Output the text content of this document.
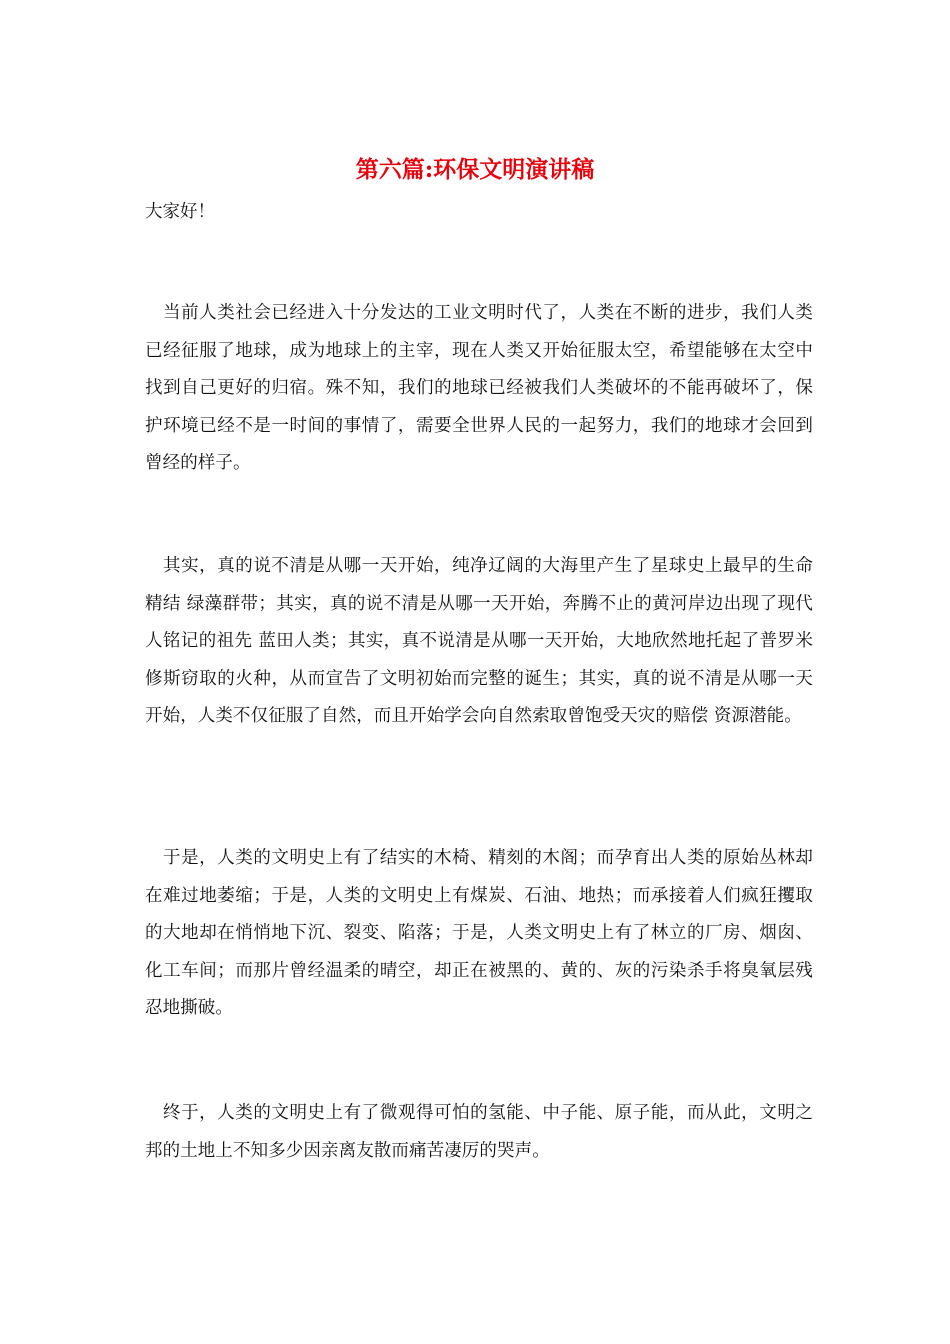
第六篇:环保文明演讲稿

大家好！

当前人类社会已经进入十分发达的工业文明时代了，人类在不断的进步，我们人类已经征服了地球，成为地球上的主宰，现在人类又开始征服太空，希望能够在太空中找到自己更好的归宿。殊不知，我们的地球已经被我们人类破坏的不能再破坏了，保护环境已经不是一时间的事情了，需要全世界人民的一起努力，我们的地球才会回到曾经的样子。

其实，真的说不清是从哪一天开始，纯净辽阔的大海里产生了星球史上最早的生命精结 绿藻群带；其实，真的说不清是从哪一天开始，奔腾不止的黄河岸边出现了现代人铭记的祖先 蓝田人类；其实，真不说清是从哪一天开始，大地欣然地托起了普罗米修斯窃取的火种，从而宣告了文明初始而完整的诞生；其实，真的说不清是从哪一天开始，人类不仅征服了自然，而且开始学会向自然索取曾饱受天灾的赔偿 资源潜能。

于是，人类的文明史上有了结实的木椅、精刻的木阁；而孕育出人类的原始丛林却在难过地萎缩；于是，人类的文明史上有煤炭、石油、地热；而承接着人们疯狂攫取的大地却在悄悄地下沉、裂变、陷落；于是，人类文明史上有了林立的厂房、烟囱、化工车间；而那片曾经温柔的晴空，却正在被黑的、黄的、灰的污染杀手将臭氧层残忍地撕破。

终于，人类的文明史上有了微观得可怕的氢能、中子能、原子能，而从此，文明之邦的土地上不知多少因亲离友散而痛苦凄厉的哭声。
